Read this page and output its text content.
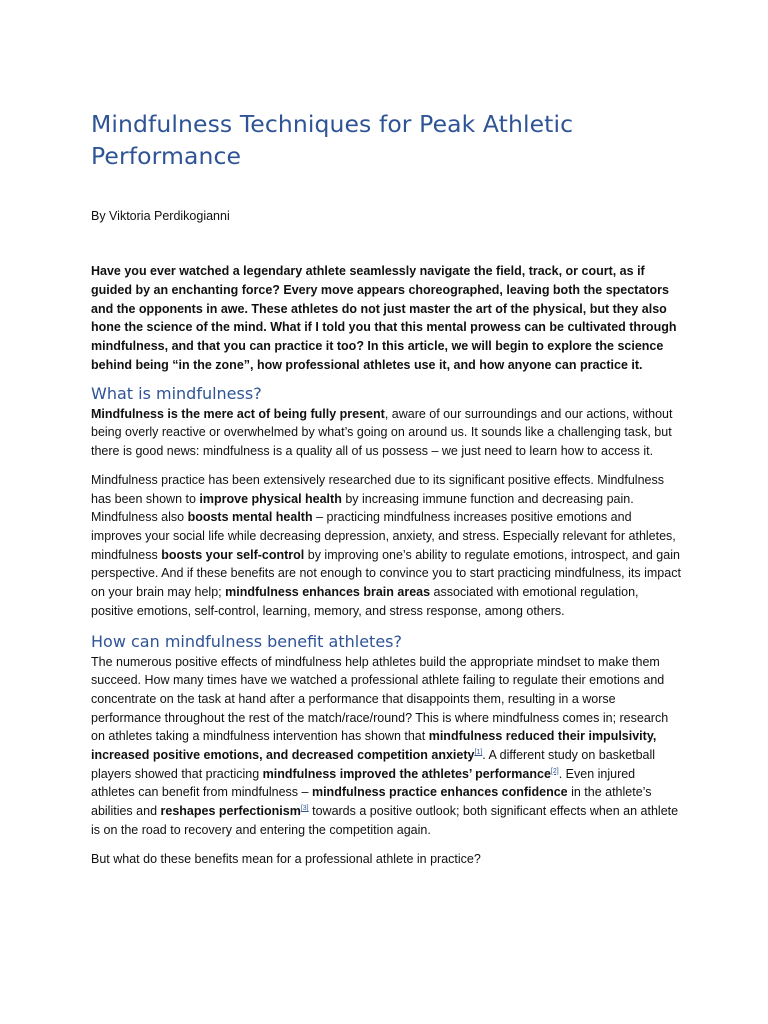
Mindfulness Techniques for Peak Athletic Performance

By Viktoria Perdikogianni

Have you ever watched a legendary athlete seamlessly navigate the field, track, or court, as if guided by an enchanting force? Every move appears choreographed, leaving both the spectators and the opponents in awe. These athletes do not just master the art of the physical, but they also hone the science of the mind. What if I told you that this mental prowess can be cultivated through mindfulness, and that you can practice it too? In this article, we will begin to explore the science behind being “in the zone”, how professional athletes use it, and how anyone can practice it.

What is mindfulness?

Mindfulness is the mere act of being fully present, aware of our surroundings and our actions, without being overly reactive or overwhelmed by what’s going on around us. It sounds like a challenging task, but there is good news: mindfulness is a quality all of us possess – we just need to learn how to access it.

Mindfulness practice has been extensively researched due to its significant positive effects. Mindfulness has been shown to improve physical health by increasing immune function and decreasing pain. Mindfulness also boosts mental health – practicing mindfulness increases positive emotions and improves your social life while decreasing depression, anxiety, and stress. Especially relevant for athletes, mindfulness boosts your self-control by improving one’s ability to regulate emotions, introspect, and gain perspective. And if these benefits are not enough to convince you to start practicing mindfulness, its impact on your brain may help; mindfulness enhances brain areas associated with emotional regulation, positive emotions, self-control, learning, memory, and stress response, among others.

How can mindfulness benefit athletes?

The numerous positive effects of mindfulness help athletes build the appropriate mindset to make them succeed. How many times have we watched a professional athlete failing to regulate their emotions and concentrate on the task at hand after a performance that disappoints them, resulting in a worse performance throughout the rest of the match/race/round? This is where mindfulness comes in; research on athletes taking a mindfulness intervention has shown that mindfulness reduced their impulsivity, increased positive emotions, and decreased competition anxiety[1]. A different study on basketball players showed that practicing mindfulness improved the athletes’ performance[2]. Even injured athletes can benefit from mindfulness – mindfulness practice enhances confidence in the athlete’s abilities and reshapes perfectionism[3] towards a positive outlook; both significant effects when an athlete is on the road to recovery and entering the competition again.

But what do these benefits mean for a professional athlete in practice?
